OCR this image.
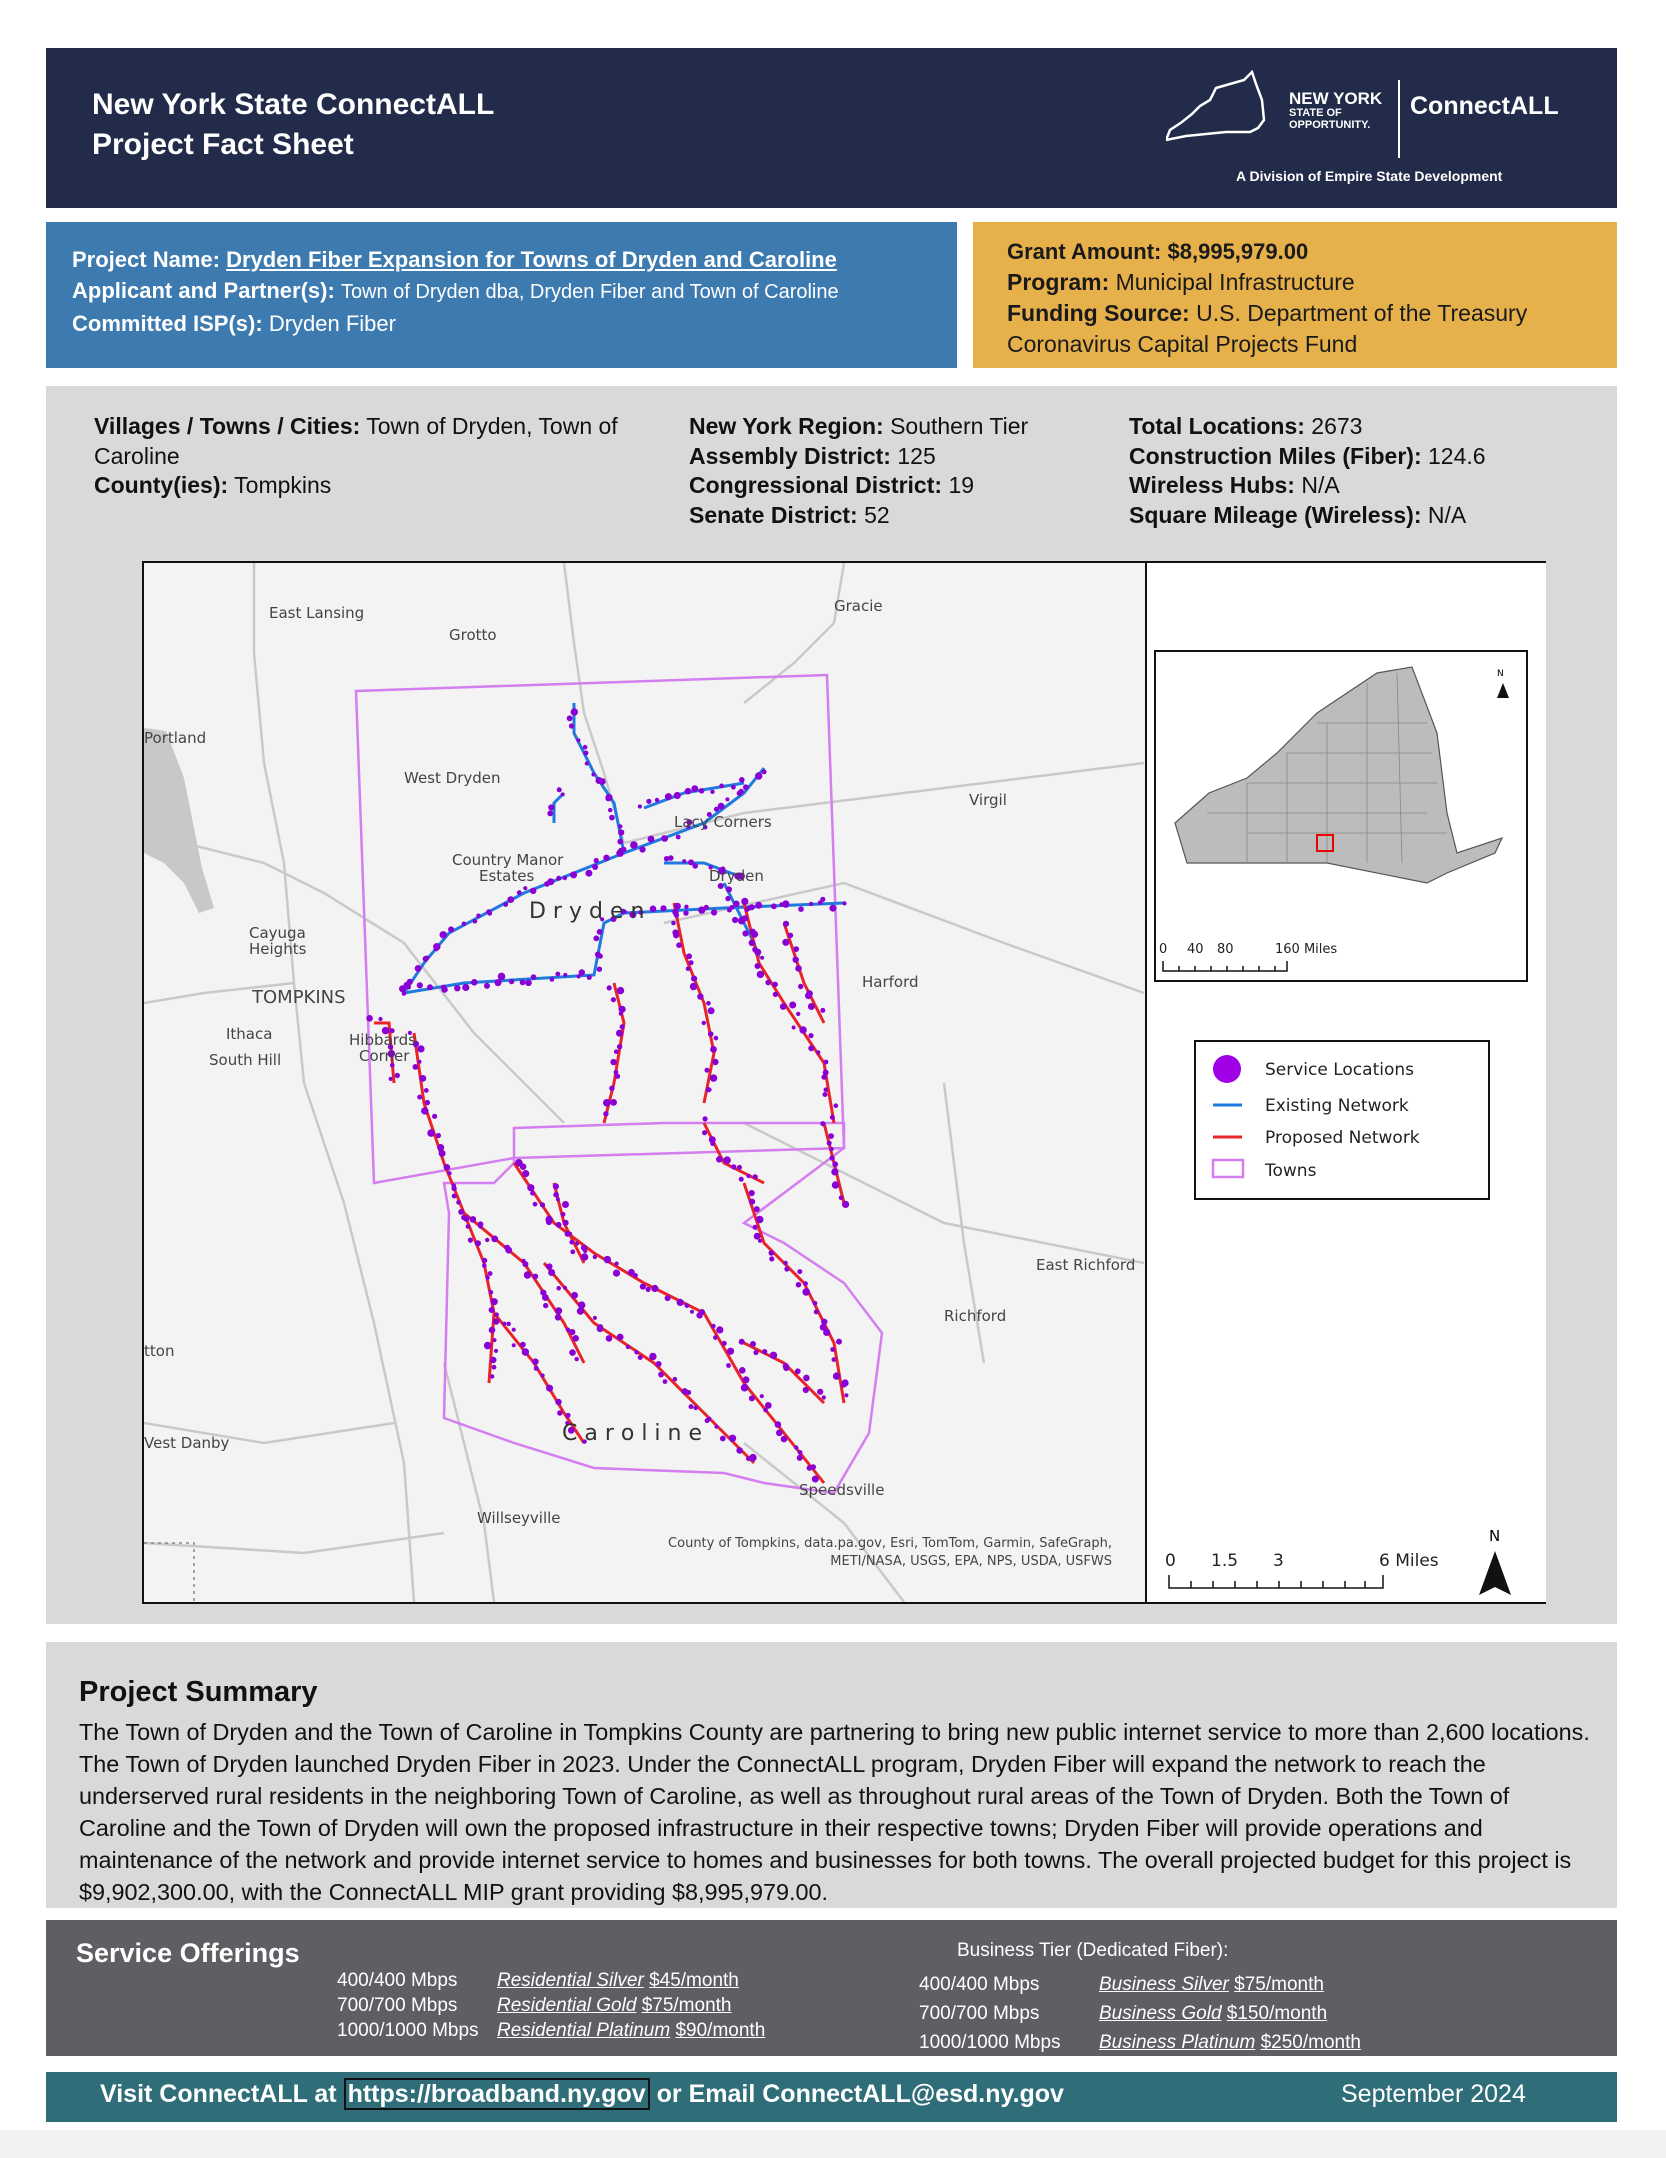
New York State ConnectALL
Project Fact Sheet
NEW YORK
STATE OF
OPPORTUNITY.
ConnectALL
A Division of Empire State Development
Project Name: Dryden Fiber Expansion for Towns of Dryden and Caroline
Applicant and Partner(s): Town of Dryden dba, Dryden Fiber and Town of Caroline
Committed ISP(s): Dryden Fiber
Grant Amount: $8,995,979.00
Program: Municipal Infrastructure
Funding Source: U.S. Department of the Treasury
Coronavirus Capital Projects Fund
Villages / Towns / Cities: Town of Dryden, Town of Caroline
County(ies): Tompkins
New York Region: Southern Tier
Assembly District: 125
Congressional District: 19
Senate District: 52
Total Locations: 2673
Construction Miles (Fiber): 124.6
Wireless Hubs: N/A
Square Mileage (Wireless): N/A
East Lansing
Grotto
Gracie
Portland
West Dryden
Virgil
Lacy Corners
Country Manor
Estates	Dryden
D r y d e n
Cayuga
Heights
Harford
TOMPKINS
Ithaca
South Hill
Hibbards
Corner
East Richford
Richford
tton
Vest Danby	C a r o l i n e
Speedsville
Willseyville
County of Tompkins, data.pa.gov, Esri, TomTom, Garmin, SafeGraph,
METI/NASA, USGS, EPA, NPS, USDA, USFWS
N
0 40 80	160 Miles
Service Locations
Existing Network
Proposed Network
Towns
0 1.5 3	6 Miles
N
Project Summary
The Town of Dryden and the Town of Caroline in Tompkins County are partnering to bring new public internet service to more than 2,600 locations. The Town of Dryden launched Dryden Fiber in 2023. Under the ConnectALL program, Dryden Fiber will expand the network to reach the underserved rural residents in the neighboring Town of Caroline, as well as throughout rural areas of the Town of Dryden. Both the Town of Caroline and the Town of Dryden will own the proposed infrastructure in their respective towns; Dryden Fiber will provide operations and maintenance of the network and provide internet service to homes and businesses for both towns. The overall projected budget for this project is $9,902,300.00, with the ConnectALL MIP grant providing $8,995,979.00.
Service Offerings	Business Tier (Dedicated Fiber):
400/400 Mbps Residential Silver $45/month
700/700 Mbps Residential Gold $75/month
1000/1000 Mbps Residential Platinum $90/month
400/400 Mbps	Business Silver $75/month
700/700 Mbps	Business Gold $150/month
1000/1000 Mbps Business Platinum $250/month
Visit ConnectALL at https://broadband.ny.gov or Email ConnectALL@esd.ny.gov	September 2024
